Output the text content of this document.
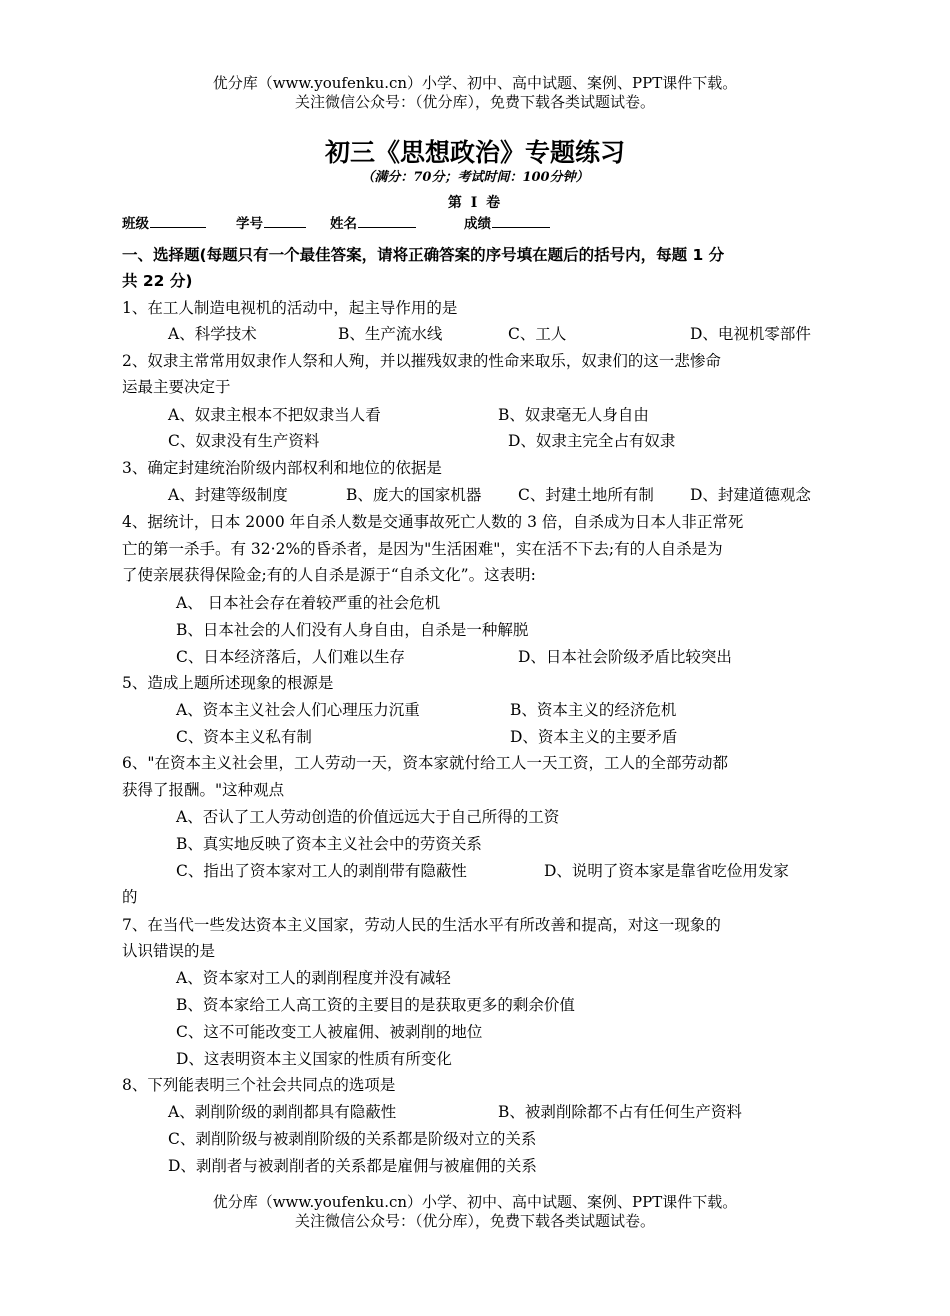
优分库（www.youfenku.cn）小学、初中、高中试题、案例、PPT课件下载。
关注微信公众号：（优分库），免费下载各类试题试卷。
初三《思想政治》专题练习
（满分：70分；考试时间：100分钟）
第 I 卷
班级	学号	姓名	成绩
一、选择题(每题只有一个最佳答案，请将正确答案的序号填在题后的括号内，每题 1 分
共 22 分)
1、在工人制造电视机的活动中，起主导作用的是
A、科学技术	B、生产流水线	C、工人	D、电视机零部件
2、奴隶主常常用奴隶作人祭和人殉，并以摧残奴隶的性命来取乐，奴隶们的这一悲惨命
运最主要决定于
A、奴隶主根本不把奴隶当人看	B、奴隶毫无人身自由
C、奴隶没有生产资料	D、奴隶主完全占有奴隶
3、确定封建统治阶级内部权利和地位的依据是
A、封建等级制度	B、庞大的国家机器 C、封建土地所有制 D、封建道德观念
4、据统计，日本 2000 年自杀人数是交通事故死亡人数的 3 倍，自杀成为日本人非正常死
亡的第一杀手。有 32·2%的昏杀者，是因为"生活困难"，实在活不下去;有的人自杀是为
了使亲展获得保险金;有的人自杀是源于“自杀文化”。这表明:
A、 日本社会存在着较严重的社会危机
B、日本社会的人们没有人身自由，自杀是一种解脱
C、日本经济落后，人们难以生存	D、日本社会阶级矛盾比较突出
5、造成上题所述现象的根源是
A、资本主义社会人们心理压力沉重	B、资本主义的经济危机
C、资本主义私有制	D、资本主义的主要矛盾
6、"在资本主义社会里，工人劳动一天，资本家就付给工人一天工资，工人的全部劳动都
获得了报酬。"这种观点
A、否认了工人劳动创造的价值远远大于自己所得的工资
B、真实地反映了资本主义社会中的劳资关系
C、指出了资本家对工人的剥削带有隐蔽性	D、说明了资本家是靠省吃俭用发家
的
7、在当代一些发达资本主义国家，劳动人民的生活水平有所改善和提高，对这一现象的
认识错误的是
A、资本家对工人的剥削程度并没有减轻
B、资本家给工人高工资的主要目的是获取更多的剩余价值
C、这不可能改变工人被雇佣、被剥削的地位
D、这表明资本主义国家的性质有所变化
8、下列能表明三个社会共同点的选项是
A、剥削阶级的剥削都具有隐蔽性	B、被剥削除都不占有任何生产资料
C、剥削阶级与被剥削阶级的关系都是阶级对立的关系
D、剥削者与被剥削者的关系都是雇佣与被雇佣的关系
优分库（www.youfenku.cn）小学、初中、高中试题、案例、PPT课件下载。
关注微信公众号：（优分库），免费下载各类试题试卷。
